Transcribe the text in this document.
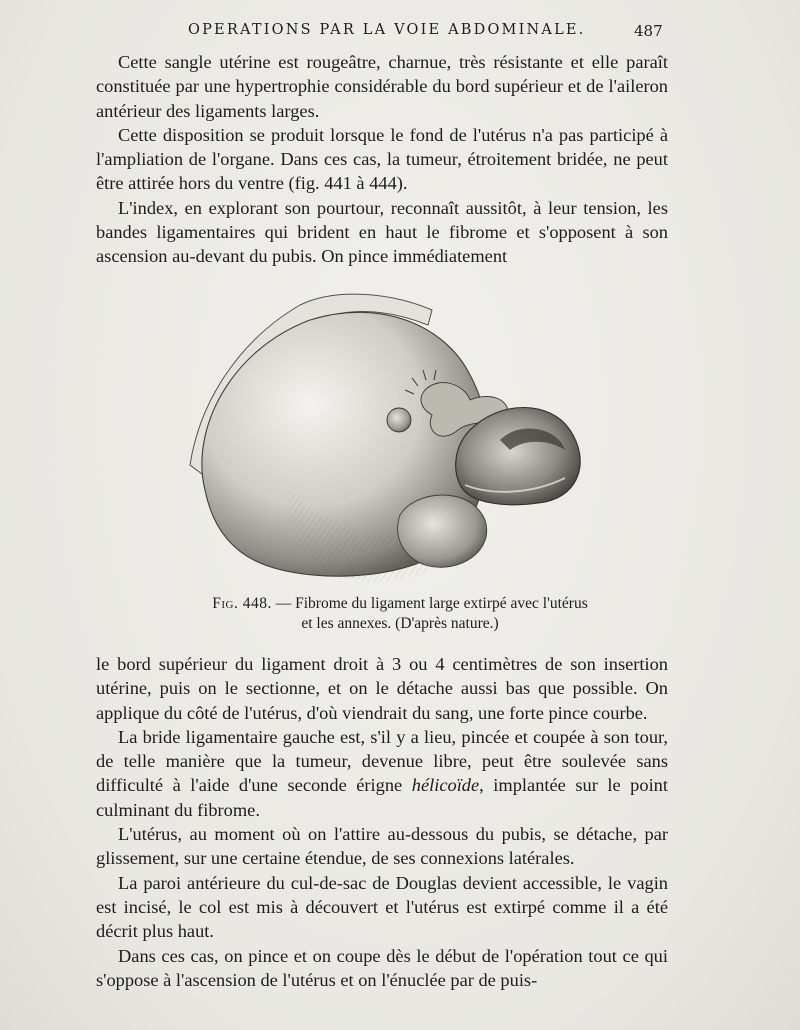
OPERATIONS PAR LA VOIE ABDOMINALE.	487

Cette sangle utérine est rougeâtre, charnue, très résistante et elle paraît constituée par une hypertrophie considérable du bord supérieur et de l'aileron antérieur des ligaments larges.

Cette disposition se produit lorsque le fond de l'utérus n'a pas participé à l'ampliation de l'organe. Dans ces cas, la tumeur, étroitement bridée, ne peut être attirée hors du ventre (fig. 441 à 444).

L'index, en explorant son pourtour, reconnaît aussitôt, à leur tension, les bandes ligamentaires qui brident en haut le fibrome et s'opposent à son ascension au-devant du pubis. On pince immédiatement

Fig. 448. — Fibrome du ligament large extirpé avec l'utérus
et les annexes. (D'après nature.)

le bord supérieur du ligament droit à 3 ou 4 centimètres de son insertion utérine, puis on le sectionne, et on le détache aussi bas que possible. On applique du côté de l'utérus, d'où viendrait du sang, une forte pince courbe.

La bride ligamentaire gauche est, s'il y a lieu, pincée et coupée à son tour, de telle manière que la tumeur, devenue libre, peut être soulevée sans difficulté à l'aide d'une seconde érigne hélicoïde, implantée sur le point culminant du fibrome.

L'utérus, au moment où on l'attire au-dessous du pubis, se détache, par glissement, sur une certaine étendue, de ses connexions latérales.

La paroi antérieure du cul-de-sac de Douglas devient accessible, le vagin est incisé, le col est mis à découvert et l'utérus est extirpé comme il a été décrit plus haut.

Dans ces cas, on pince et on coupe dès le début de l'opération tout ce qui s'oppose à l'ascension de l'utérus et on l'énuclée par de puis-
